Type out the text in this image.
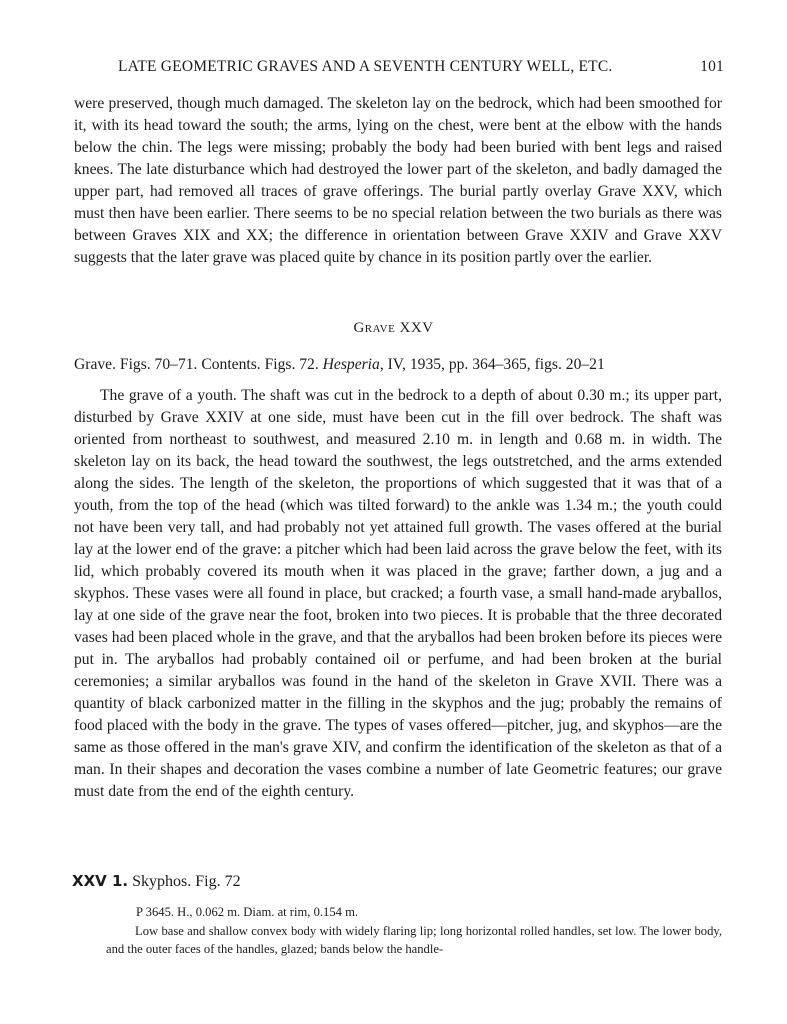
LATE GEOMETRIC GRAVES AND A SEVENTH CENTURY WELL, ETC.	101

were preserved, though much damaged. The skeleton lay on the bedrock, which had been smoothed for it, with its head toward the south; the arms, lying on the chest, were bent at the elbow with the hands below the chin. The legs were missing; probably the body had been buried with bent legs and raised knees. The late disturbance which had destroyed the lower part of the skeleton, and badly damaged the upper part, had removed all traces of grave offerings. The burial partly overlay Grave XXV, which must then have been earlier. There seems to be no special relation between the two burials as there was between Graves XIX and XX; the difference in orientation between Grave XXIV and Grave XXV suggests that the later grave was placed quite by chance in its position partly over the earlier.

Grave XXV
Grave. Figs. 70–71. Contents. Figs. 72. Hesperia, IV, 1935, pp. 364–365, figs. 20–21

The grave of a youth. The shaft was cut in the bedrock to a depth of about 0.30 m.; its upper part, disturbed by Grave XXIV at one side, must have been cut in the fill over bedrock. The shaft was oriented from northeast to southwest, and measured 2.10 m. in length and 0.68 m. in width. The skeleton lay on its back, the head toward the southwest, the legs outstretched, and the arms extended along the sides. The length of the skeleton, the proportions of which suggested that it was that of a youth, from the top of the head (which was tilted forward) to the ankle was 1.34 m.; the youth could not have been very tall, and had probably not yet attained full growth. The vases offered at the burial lay at the lower end of the grave: a pitcher which had been laid across the grave below the feet, with its lid, which probably covered its mouth when it was placed in the grave; farther down, a jug and a skyphos. These vases were all found in place, but cracked; a fourth vase, a small hand-made aryballos, lay at one side of the grave near the foot, broken into two pieces. It is probable that the three decorated vases had been placed whole in the grave, and that the aryballos had been broken before its pieces were put in. The aryballos had probably contained oil or perfume, and had been broken at the burial ceremonies; a similar aryballos was found in the hand of the skeleton in Grave XVII. There was a quantity of black carbonized matter in the filling in the skyphos and the jug; probably the remains of food placed with the body in the grave. The types of vases offered—pitcher, jug, and skyphos—are the same as those offered in the man's grave XIV, and confirm the identification of the skeleton as that of a man. In their shapes and decoration the vases combine a number of late Geometric features; our grave must date from the end of the eighth century.

XXV 1. Skyphos. Fig. 72
P 3645. H., 0.062 m. Diam. at rim, 0.154 m.

Low base and shallow convex body with widely flaring lip; long horizontal rolled handles, set low. The lower body, and the outer faces of the handles, glazed; bands below the handle-
